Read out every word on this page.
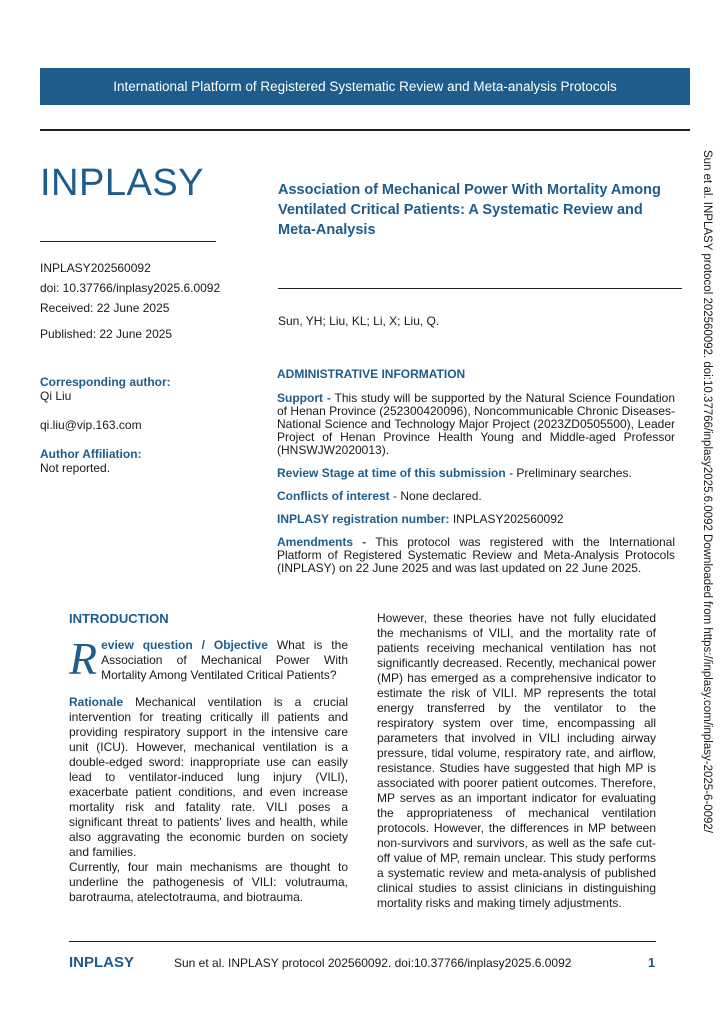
International Platform of Registered Systematic Review and Meta-analysis Protocols
INPLASY
INPLASY202560092
doi: 10.37766/inplasy2025.6.0092
Received: 22 June 2025
Published: 22 June 2025
Corresponding author:
Qi Liu
qi.liu@vip.163.com
Author Affiliation:
Not reported.
Association of Mechanical Power With Mortality Among Ventilated Critical Patients: A Systematic Review and Meta-Analysis
Sun, YH; Liu, KL; Li, X; Liu, Q.
ADMINISTRATIVE INFORMATION

Support - This study will be supported by the Natural Science Foundation of Henan Province (252300420096), Noncommunicable Chronic Diseases-National Science and Technology Major Project (2023ZD0505500), Leader Project of Henan Province Health Young and Middle-aged Professor (HNSWJW2020013).

Review Stage at time of this submission - Preliminary searches.

Conflicts of interest - None declared.

INPLASY registration number: INPLASY202560092

Amendments - This protocol was registered with the International Platform of Registered Systematic Review and Meta-Analysis Protocols (INPLASY) on 22 June 2025 and was last updated on 22 June 2025.	Sun et al. INPLASY protocol 202560092. doi:10.37766/inplasy2025.6.0092 Downloaded from https://inplasy.com/inplasy-2025-6-0092/
INTRODUCTION

Review question / Objective What is the Association of Mechanical Power With Mortality Among Ventilated Critical Patients?

Rationale Mechanical ventilation is a crucial intervention for treating critically ill patients and providing respiratory support in the intensive care unit (ICU). However, mechanical ventilation is a double-edged sword: inappropriate use can easily lead to ventilator-induced lung injury (VILI), exacerbate patient conditions, and even increase mortality risk and fatality rate. VILI poses a significant threat to patients' lives and health, while also aggravating the economic burden on society and families.

Currently, four main mechanisms are thought to underline the pathogenesis of VILI: volutrauma, barotrauma, atelectotrauma, and biotrauma.

However, these theories have not fully elucidated the mechanisms of VILI, and the mortality rate of patients receiving mechanical ventilation has not significantly decreased. Recently, mechanical power (MP) has emerged as a comprehensive indicator to estimate the risk of VILI. MP represents the total energy transferred by the ventilator to the respiratory system over time, encompassing all parameters that involved in VILI including airway pressure, tidal volume, respiratory rate, and airflow, resistance. Studies have suggested that high MP is associated with poorer patient outcomes. Therefore, MP serves as an important indicator for evaluating the appropriateness of mechanical ventilation protocols. However, the differences in MP between non-survivors and survivors, as well as the safe cut-off value of MP, remain unclear. This study performs a systematic review and meta-analysis of published clinical studies to assist clinicians in distinguishing mortality risks and making timely adjustments.

INPLASY	Sun et al. INPLASY protocol 202560092. doi:10.37766/inplasy2025.6.0092	1
